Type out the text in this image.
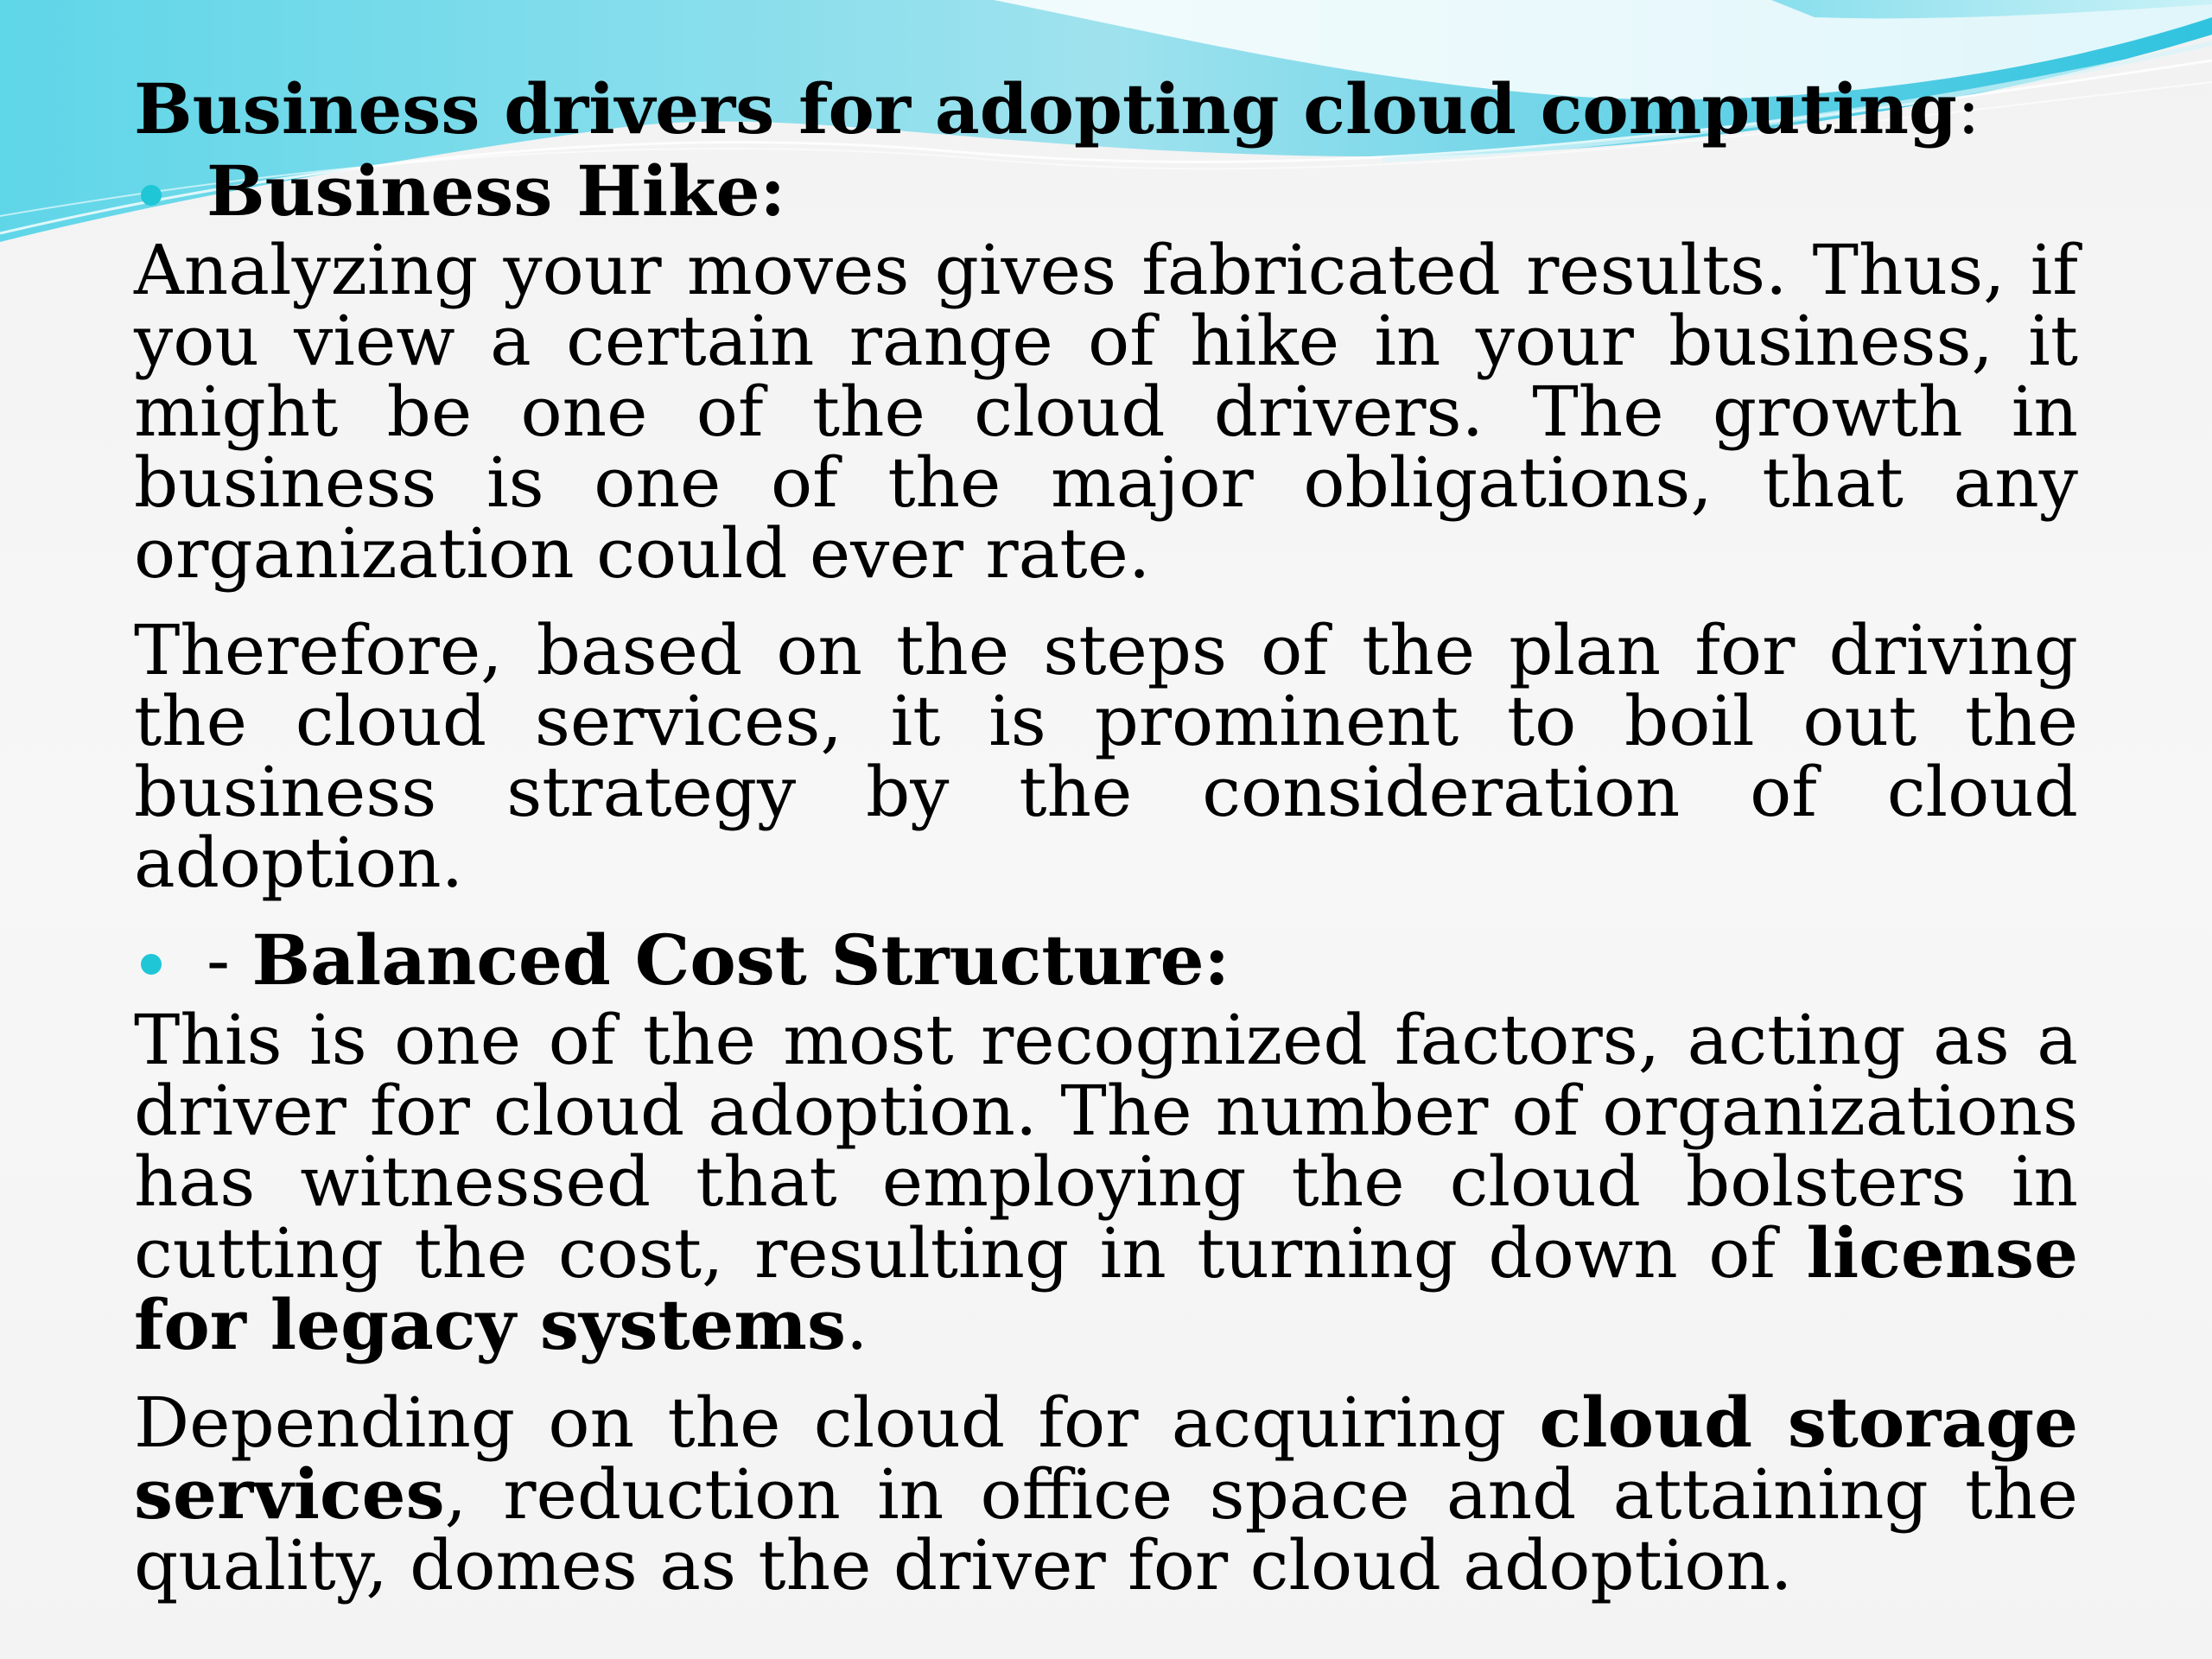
Business drivers for adopting cloud computing:
Business Hike:

Analyzing your moves gives fabricated results. Thus, if you view a certain range of hike in your business, it might be one of the cloud drivers. The growth in business is one of the major obligations, that any organization could ever rate.

Therefore, based on the steps of the plan for driving the cloud services, it is prominent to boil out the business strategy by the consideration of cloud adoption.

- Balanced Cost Structure:

This is one of the most recognized factors, acting as a driver for cloud adoption. The number of organizations has witnessed that employing the cloud bolsters in cutting the cost, resulting in turning down of license for legacy systems.

Depending on the cloud for acquiring cloud storage services, reduction in office space and attaining the quality, domes as the driver for cloud adoption.
